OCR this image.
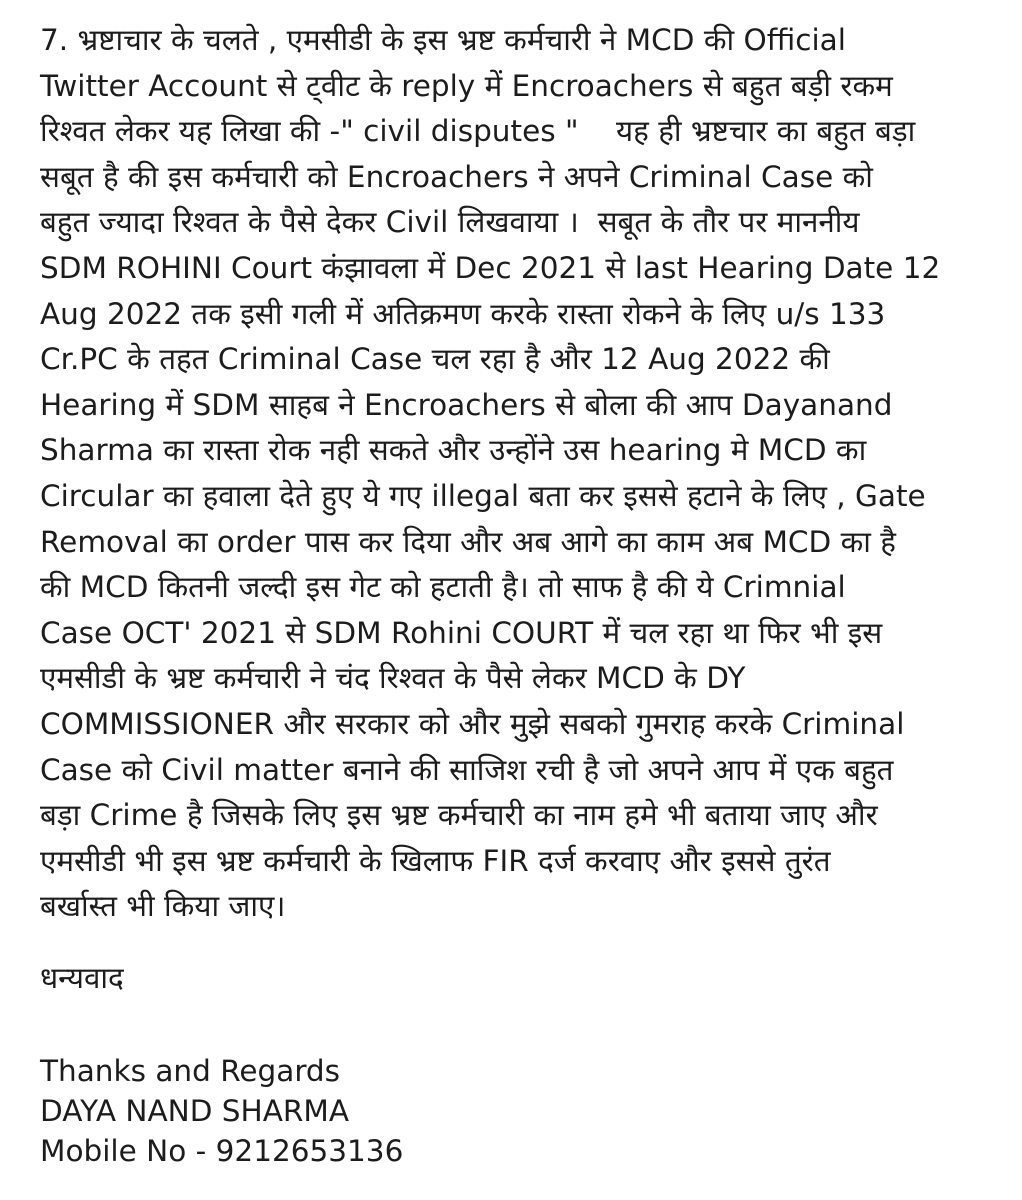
7. भ्रष्टाचार के चलते , एमसीडी के इस भ्रष्ट कर्मचारी ने MCD की Official
Twitter Account से ट्वीट के reply में Encroachers से बहुत बड़ी रकम
रिश्वत लेकर यह लिखा की -" civil disputes "    यह ही भ्रष्टचार का बहुत बड़ा
सबूत है की इस कर्मचारी को Encroachers ने अपने Criminal Case को
बहुत ज्यादा रिश्वत के पैसे देकर Civil लिखवाया ।  सबूत के तौर पर माननीय
SDM ROHINI Court कंझावला में Dec 2021 से last Hearing Date 12
Aug 2022 तक इसी गली में अतिक्रमण करके रास्ता रोकने के लिए u/s 133
Cr.PC के तहत Criminal Case चल रहा है और 12 Aug 2022 की
Hearing में SDM साहब ने Encroachers से बोला की आप Dayanand
Sharma का रास्ता रोक नही सकते और उन्होंने उस hearing मे MCD का
Circular का हवाला देते हुए ये गए illegal बता कर इससे हटाने के लिए , Gate
Removal का order पास कर दिया और अब आगे का काम अब MCD का है
की MCD कितनी जल्दी इस गेट को हटाती है। तो साफ है की ये Crimnial
Case OCT' 2021 से SDM Rohini COURT में चल रहा था फिर भी इस
एमसीडी के भ्रष्ट कर्मचारी ने चंद रिश्वत के पैसे लेकर MCD के DY
COMMISSIONER और सरकार को और मुझे सबको गुमराह करके Criminal
Case को Civil matter बनाने की साजिश रची है जो अपने आप में एक बहुत
बड़ा Crime है जिसके लिए इस भ्रष्ट कर्मचारी का नाम हमे भी बताया जाए और
एमसीडी भी इस भ्रष्ट कर्मचारी के खिलाफ FIR दर्ज करवाए और इससे तुरंत
बर्खास्त भी किया जाए।
धन्यवाद
Thanks and Regards
DAYA NAND SHARMA
Mobile No - 9212653136
